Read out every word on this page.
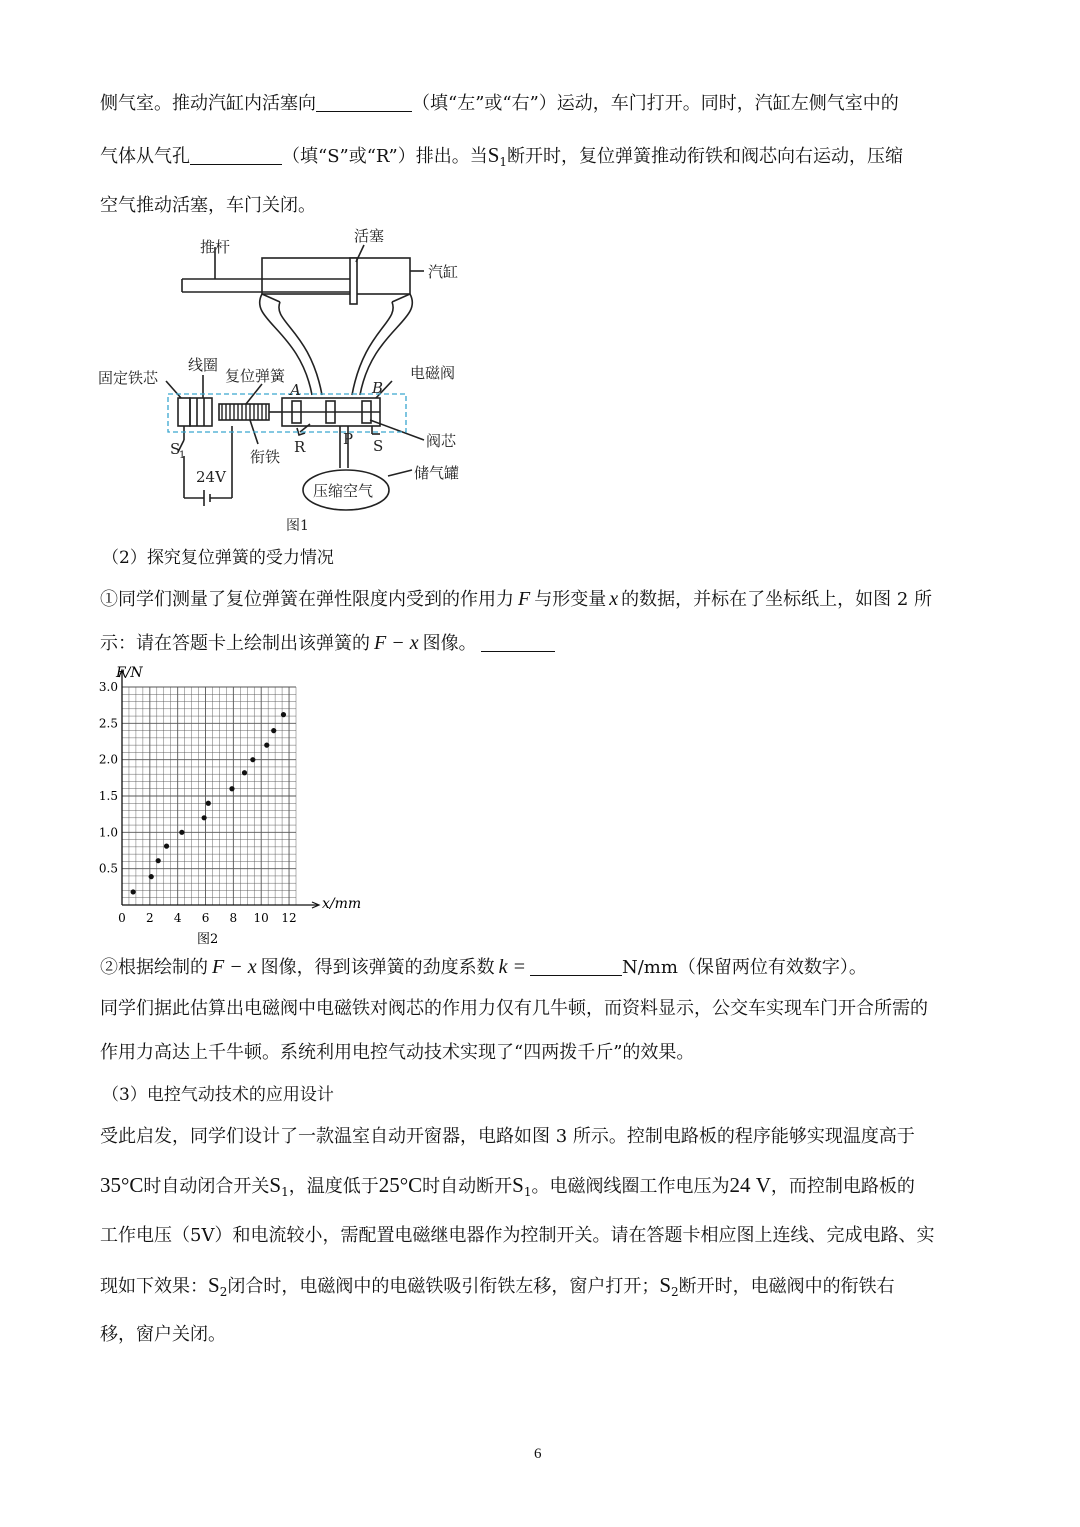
侧气室。推动汽缸内活塞向	（填“左”或“右”）运动，车门打开。同时，汽缸左侧气室中的
气体从气孔	（填“S”或“R”）排出。当$S_1$断开时，复位弹簧推动衔铁和阀芯向右运动，压缩
空气推动活塞，车门关闭。
推杆
活塞
汽缸
固定铁芯
线圈
复位弹簧	电磁阀
衔铁
阀芯
储气罐
压缩空气
A	B
S
1	R	P S
24V
图1
（2）探究复位弹簧的受力情况
①同学们测量了复位弹簧在弹性限度内受到的作用力 F 与形变量 x 的数据，并标在了坐标纸上，如图 2 所
示：请在答题卡上绘制出该弹簧的 F − x 图像。
0.5
1.0
1.5
2.0
2.5
3.0
0 2 4 6 8 10 12
F/N
x/mm
图2
②根据绘制的 F − x 图像，得到该弹簧的劲度系数 k =	N/mm（保留两位有效数字）。
同学们据此估算出电磁阀中电磁铁对阀芯的作用力仅有几牛顿，而资料显示，公交车实现车门开合所需的
作用力高达上千牛顿。系统利用电控气动技术实现了“四两拨千斤”的效果。
（3）电控气动技术的应用设计
受此启发，同学们设计了一款温室自动开窗器，电路如图 3 所示。控制电路板的程序能够实现温度高于
35°C时自动闭合开关$S_1$，温度低于25°C时自动断开$S_1$。电磁阀线圈工作电压为24 V，而控制电路板的
工作电压（5V）和电流较小，需配置电磁继电器作为控制开关。请在答题卡相应图上连线、完成电路、实
现如下效果：$S_2$闭合时，电磁阀中的电磁铁吸引衔铁左移，窗户打开；$S_2$断开时，电磁阀中的衔铁右
移，窗户关闭。
6
